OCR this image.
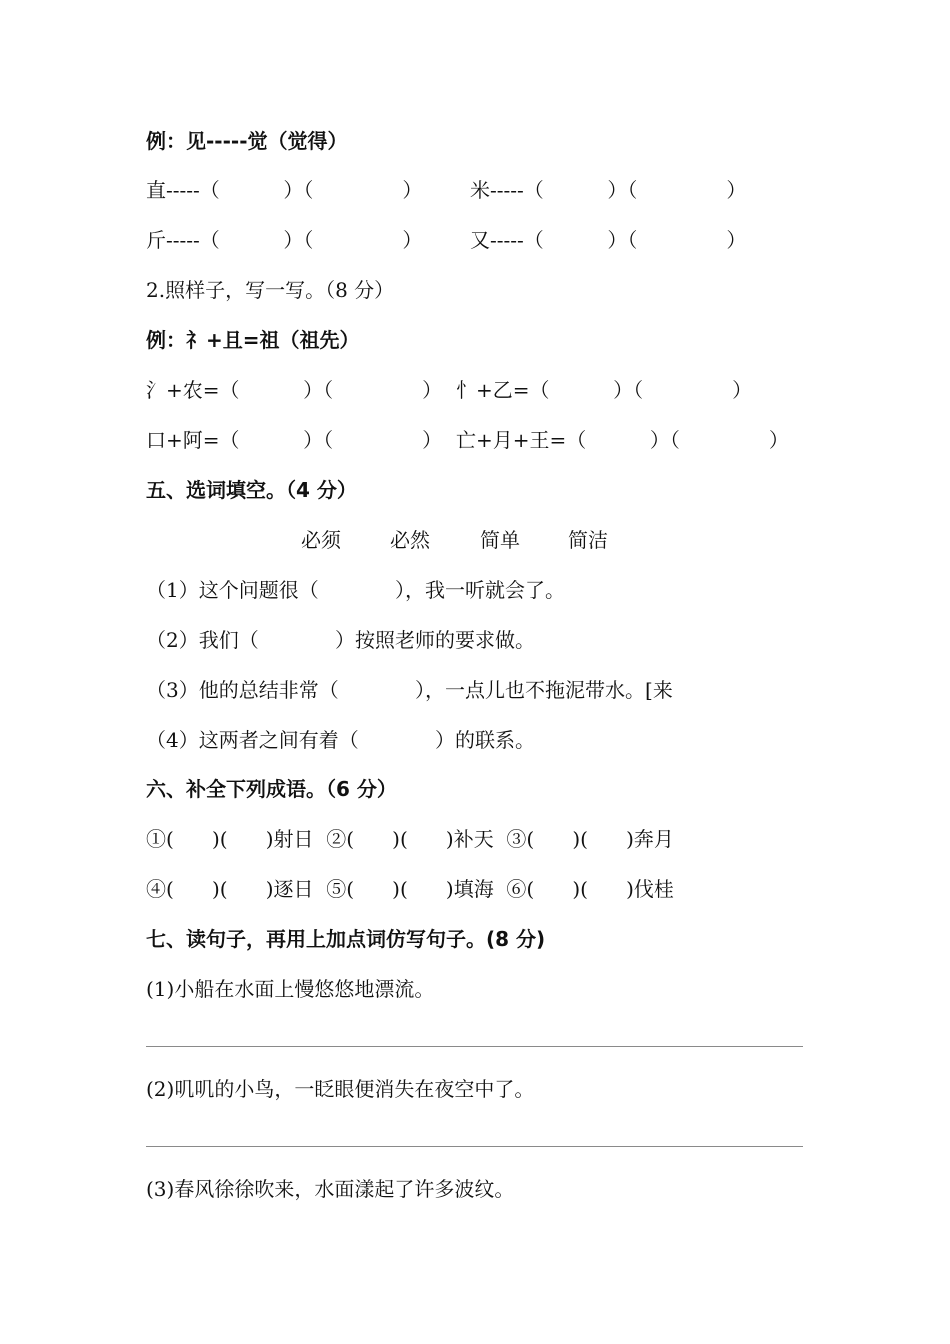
例：见-----觉（觉得）
直-----（          ）（              ） 米-----（          ）（              ）
斤-----（          ）（              ） 又-----（          ）（              ）
2.照样子，写一写。（8 分）
例：礻+且=祖（祖先）
氵+农=（          ）（              ） 忄+乙=（          ）（              ）
口+阿=（          ）（              ） 亡+月+王=（          ）（              ）
五、选词填空。（4 分）
必须 必然	简单 简洁
（1）这个问题很（            ），我一听就会了。
（2）我们（            ）按照老师的要求做。
（3）他的总结非常（            ），一点儿也不拖泥带水。[来
（4）这两者之间有着（            ）的联系。
六、补全下列成语。（6 分）
①(      )(      )射日  ②(      )(      )补天  ③(      )(      )奔月
④(      )(      )逐日  ⑤(      )(      )填海  ⑥(      )(      )伐桂
七、读句子，再用上加点词仿写句子。(8 分)
(1)小船在水面上慢悠悠地漂流。
(2)叽叽的小鸟，一眨眼便消失在夜空中了。
(3)春风徐徐吹来，水面漾起了许多波纹。
